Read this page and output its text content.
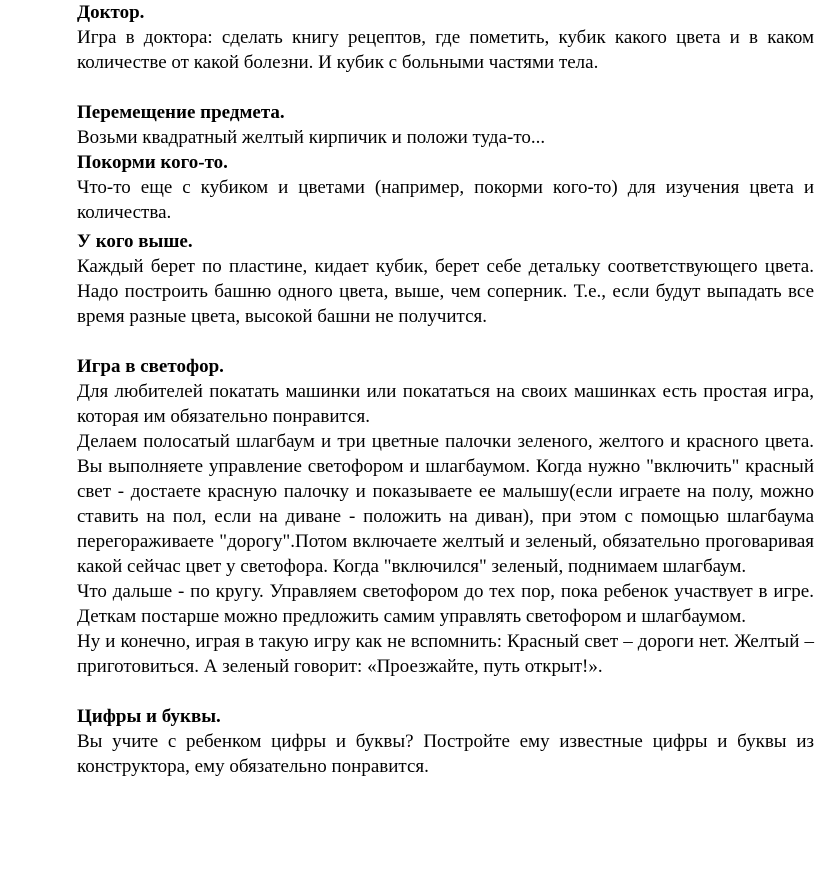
Доктор.

Игра в доктора: сделать книгу рецептов, где пометить, кубик какого цвета и в каком количестве от какой болезни. И кубик с больными частями тела.

Перемещение предмета.

Возьми квадратный желтый кирпичик и положи туда-то...

Покорми кого-то.

Что-то еще с кубиком и цветами (например, покорми кого-то) для изучения цвета и количества.

У кого выше.

Каждый берет по пластине, кидает кубик, берет себе детальку соответствующего цвета. Надо построить башню одного цвета, выше, чем соперник. Т.е., если будут выпадать все время разные цвета, высокой башни не получится.

Игра в светофор.

Для любителей покатать машинки или покататься на своих машинках есть простая игра, которая им обязательно понравится.

Делаем полосатый шлагбаум и три цветные палочки зеленого, желтого и красного цвета. Вы выполняете управление светофором и шлагбаумом. Когда нужно "включить" красный свет - достаете красную палочку и показываете ее малышу(если играете на полу, можно ставить на пол, если на диване - положить на диван), при этом с помощью шлагбаума перегораживаете "дорогу".Потом включаете желтый и зеленый, обязательно проговаривая какой сейчас цвет у светофора. Когда "включился" зеленый, поднимаем шлагбаум.

Что дальше - по кругу. Управляем светофором до тех пор, пока ребенок участвует в игре. Деткам постарше можно предложить самим управлять светофором и шлагбаумом.

Ну и конечно, играя в такую игру как не вспомнить: Красный свет – дороги нет. Желтый – приготовиться. А зеленый говорит: «Проезжайте, путь открыт!».

Цифры и буквы.

Вы учите с ребенком цифры и буквы? Постройте ему известные цифры и буквы из конструктора, ему обязательно понравится.
